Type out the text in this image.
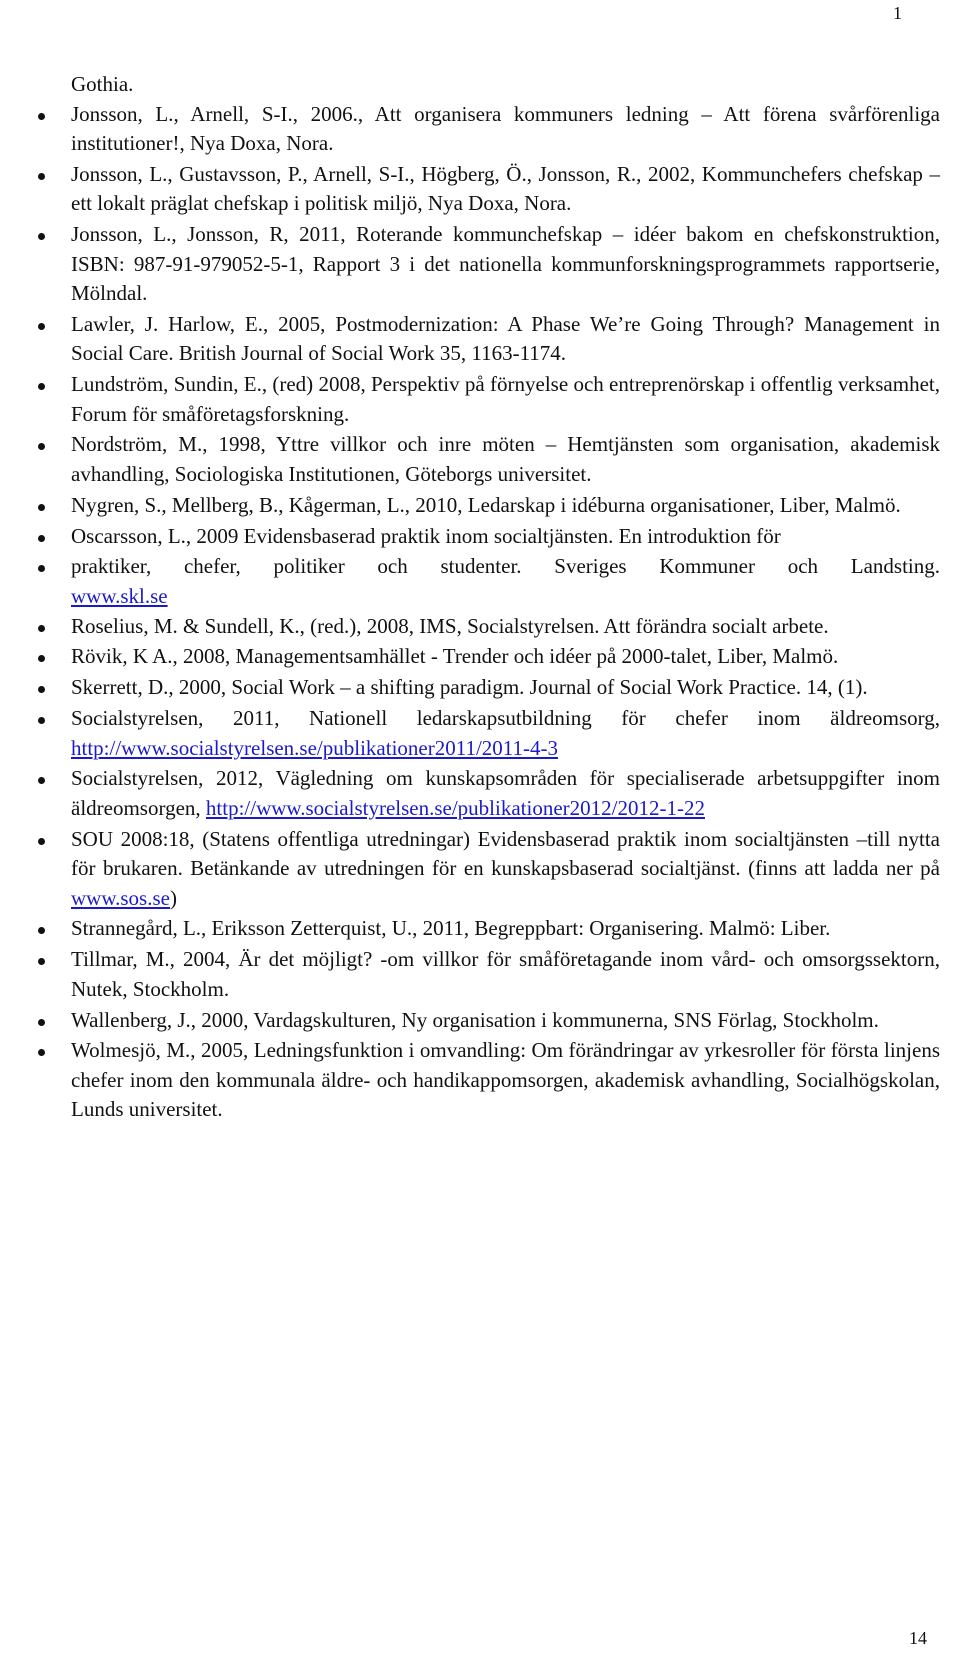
1
Gothia.
Jonsson, L., Arnell, S-I., 2006., Att organisera kommuners ledning – Att förena svårförenliga institutioner!, Nya Doxa, Nora.
Jonsson, L., Gustavsson, P., Arnell, S-I., Högberg, Ö., Jonsson, R., 2002, Kommunchefers chefskap – ett lokalt präglat chefskap i politisk miljö, Nya Doxa, Nora.
Jonsson, L., Jonsson, R, 2011, Roterande kommunchefskap – idéer bakom en chefskonstruktion, ISBN: 987-91-979052-5-1, Rapport 3 i det nationella kommunforskningsprogrammets rapportserie, Mölndal.
Lawler, J. Harlow, E., 2005, Postmodernization: A Phase We’re Going Through? Management in Social Care. British Journal of Social Work 35, 1163-1174.
Lundström, Sundin, E., (red) 2008, Perspektiv på förnyelse och entreprenörskap i offentlig verksamhet, Forum för småföretagsforskning.
Nordström, M., 1998, Yttre villkor och inre möten – Hemtjänsten som organisation, akademisk avhandling, Sociologiska Institutionen, Göteborgs universitet.
Nygren, S., Mellberg, B., Kågerman, L., 2010, Ledarskap i idéburna organisationer, Liber, Malmö.
Oscarsson, L., 2009 Evidensbaserad praktik inom socialtjänsten. En introduktion för
praktiker, chefer, politiker och studenter. Sveriges Kommuner och Landsting.
www.skl.se
Roselius, M. & Sundell, K., (red.), 2008, IMS, Socialstyrelsen. Att förändra socialt arbete.
Rövik, K A., 2008, Managementsamhället - Trender och idéer på 2000-talet, Liber, Malmö.
Skerrett, D., 2000, Social Work – a shifting paradigm. Journal of Social Work Practice. 14, (1).
Socialstyrelsen, 2011, Nationell ledarskapsutbildning för chefer inom äldreomsorg, http://www.socialstyrelsen.se/publikationer2011/2011-4-3
Socialstyrelsen, 2012, Vägledning om kunskapsområden för specialiserade arbetsuppgifter inom äldreomsorgen, http://www.socialstyrelsen.se/publikationer2012/2012-1-22
SOU 2008:18, (Statens offentliga utredningar) Evidensbaserad praktik inom socialtjänsten –till nytta för brukaren. Betänkande av utredningen för en kunskapsbaserad socialtjänst. (finns att ladda ner på www.sos.se)
Strannegård, L., Eriksson Zetterquist, U., 2011, Begreppbart: Organisering. Malmö: Liber.
Tillmar, M., 2004, Är det möjligt? -om villkor för småföretagande inom vård- och omsorgssektorn, Nutek, Stockholm.
Wallenberg, J., 2000, Vardagskulturen, Ny organisation i kommunerna, SNS Förlag, Stockholm.
Wolmesjö, M., 2005, Ledningsfunktion i omvandling: Om förändringar av yrkesroller för första linjens chefer inom den kommunala äldre- och handikappomsorgen, akademisk avhandling, Socialhögskolan, Lunds universitet.
14
